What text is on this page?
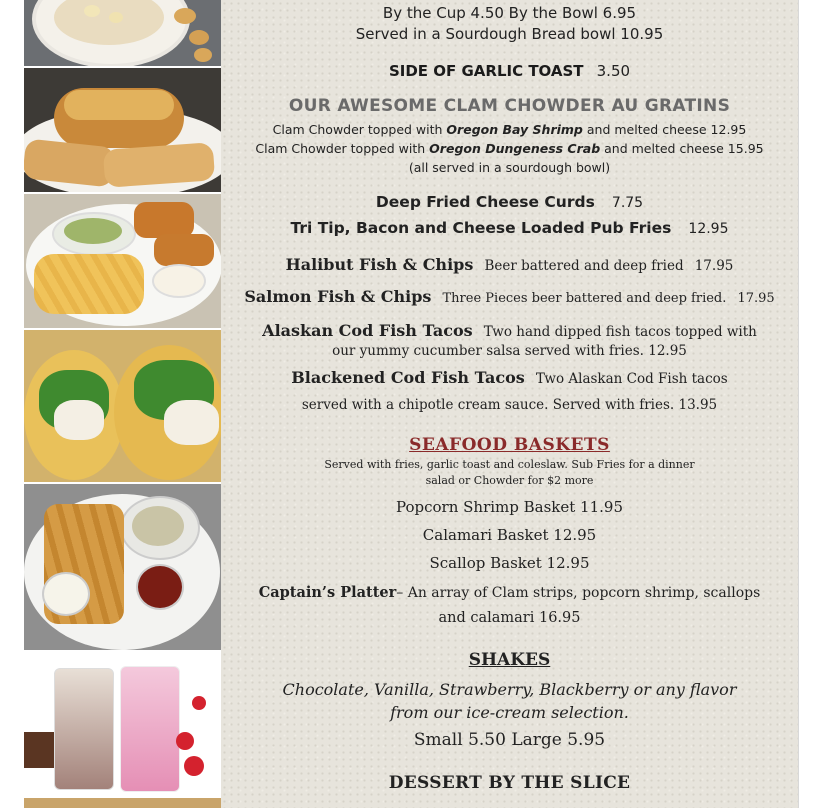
By the Cup 4.50 By the Bowl 6.95
Served in a Sourdough Bread bowl 10.95
SIDE OF GARLIC TOAST 3.50
OUR AWESOME CLAM CHOWDER AU GRATINS
Clam Chowder topped with Oregon Bay Shrimp and melted cheese 12.95
Clam Chowder topped with Oregon Dungeness Crab and melted cheese 15.95
(all served in a sourdough bowl)
Deep Fried Cheese Curds 7.75
Tri Tip, Bacon and Cheese Loaded Pub Fries 12.95
Halibut Fish & Chips Beer battered and deep fried 17.95
Salmon Fish & Chips Three Pieces beer battered and deep fried. 17.95
Alaskan Cod Fish Tacos Two hand dipped fish tacos topped with
our yummy cucumber salsa served with fries. 12.95
Blackened Cod Fish Tacos Two Alaskan Cod Fish tacos
served with a chipotle cream sauce. Served with fries. 13.95
SEAFOOD BASKETS
Served with fries, garlic toast and coleslaw. Sub Fries for a dinner
salad or Chowder for $2 more
Popcorn Shrimp Basket 11.95
Calamari Basket 12.95
Scallop Basket 12.95
Captain’s Platter– An array of Clam strips, popcorn shrimp, scallops
and calamari 16.95
SHAKES
Chocolate, Vanilla, Strawberry, Blackberry or any flavor
from our ice-cream selection.
Small 5.50 Large 5.95
DESSERT BY THE SLICE
